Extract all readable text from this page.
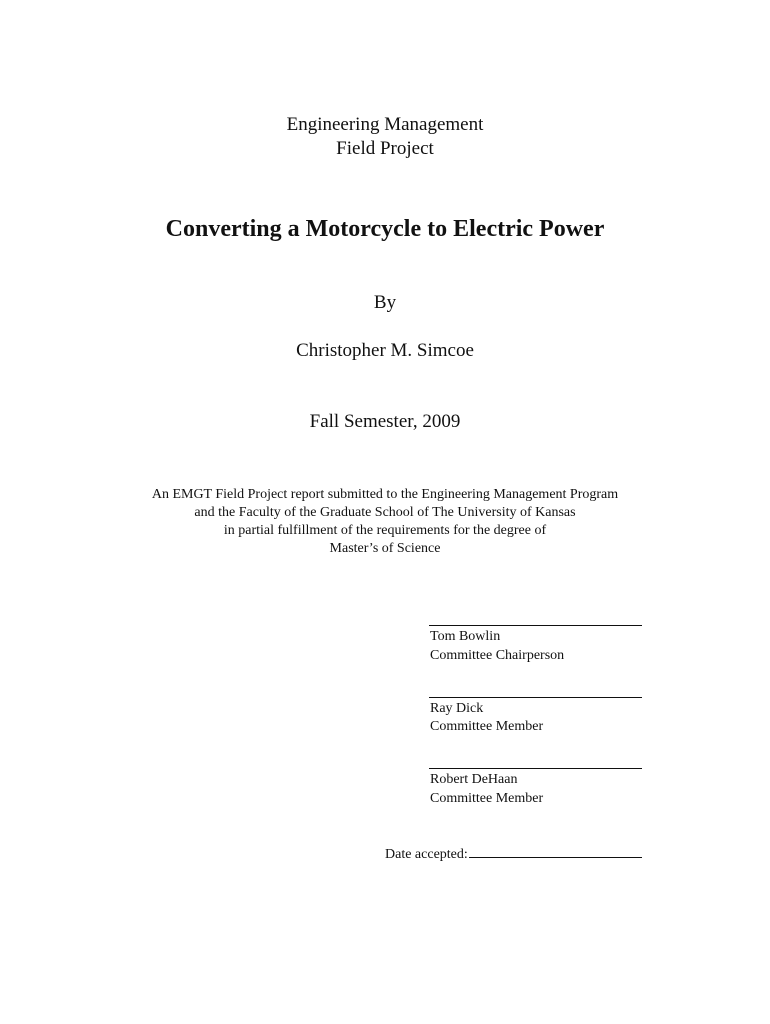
Engineering Management
Field Project
Converting a Motorcycle to Electric Power
By
Christopher M. Simcoe
Fall Semester, 2009
An EMGT Field Project report submitted to the Engineering Management Program
and the Faculty of the Graduate School of The University of Kansas
in partial fulfillment of the requirements for the degree of
Master’s of Science
Tom Bowlin
Committee Chairperson
Ray Dick
Committee Member
Robert DeHaan
Committee Member
Date accepted:
